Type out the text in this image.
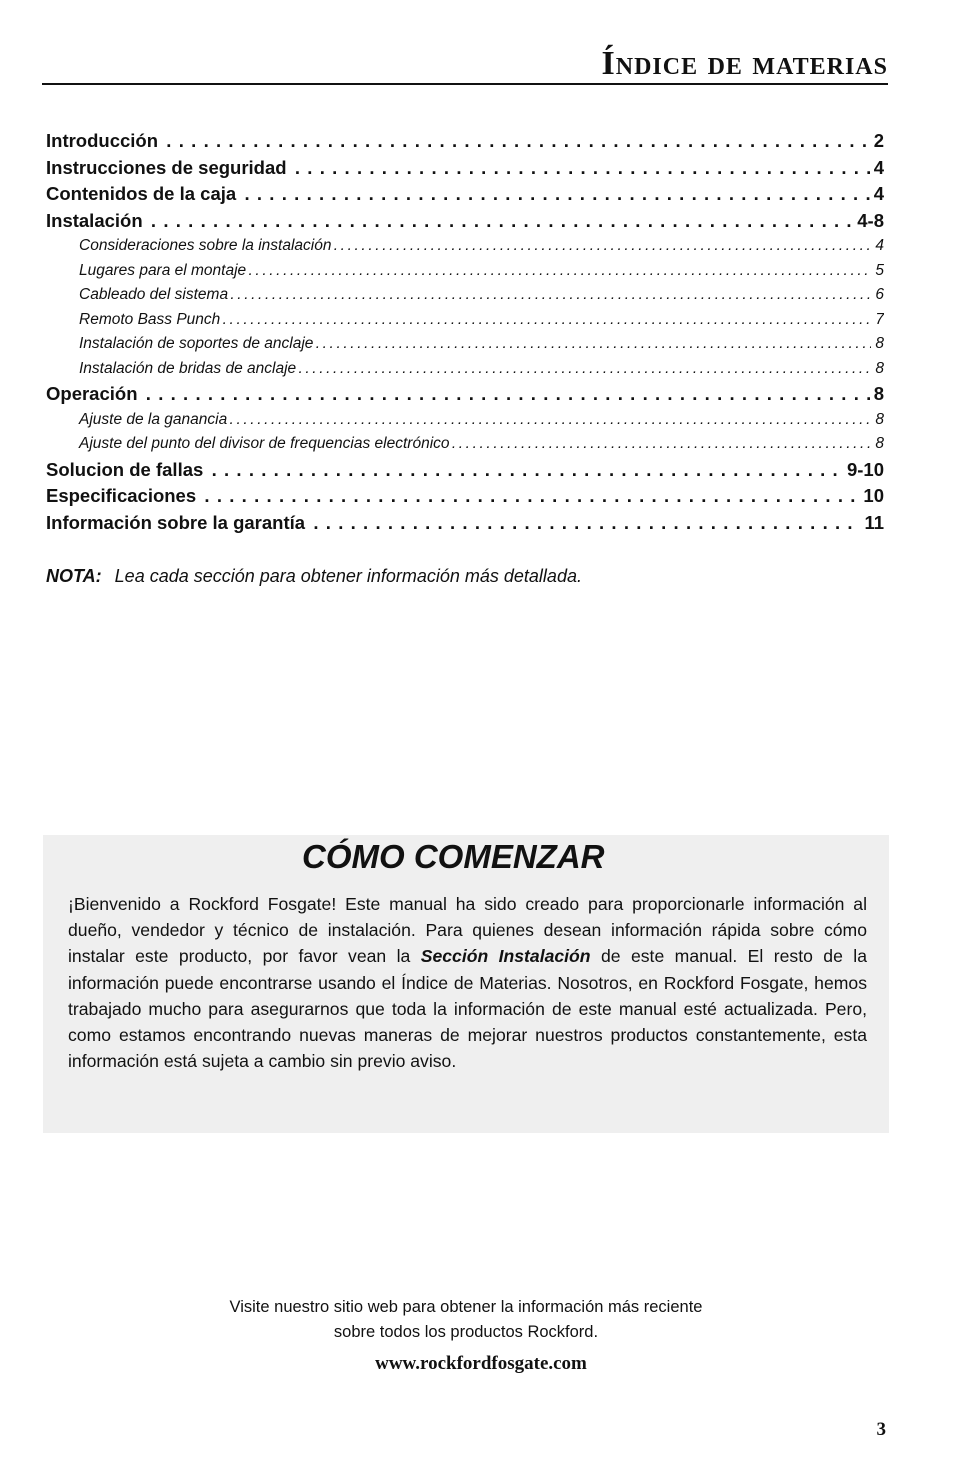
Índice de materias
Introducción . .	2
Instrucciones de seguridad . .	4
Contenidos de la caja . .	4
Instalación . .	4-8
Consideraciones sobre la instalación . .	4
Lugares para el montaje . .	5
Cableado del sistema . .	6
Remoto Bass Punch . .	7
Instalación de soportes de anclaje . .	8
Instalación de bridas de anclaje . .	8
Operación . .	8
Ajuste de la ganancia . .	8
Ajuste del punto del divisor de frequencias electrónico . .	8
Solucion de fallas . .	9-10
Especificaciones . .	10
Información sobre la garantía . .	11
NOTA: Lea cada sección para obtener información más detallada.
CÓMO COMENZAR

¡Bienvenido a Rockford Fosgate! Este manual ha sido creado para proporcionarle información al dueño, vendedor y técnico de instalación. Para quienes desean información rápida sobre cómo instalar este producto, por favor vean la Sección Instalación de este manual. El resto de la información puede encontrarse usando el Índice de Materias. Nosotros, en Rockford Fosgate, hemos trabajado mucho para asegurarnos que toda la información de este manual esté actualizada. Pero, como estamos encontrando nuevas maneras de mejorar nuestros productos constantemente, esta información está sujeta a cambio sin previo aviso.

Visite nuestro sitio web para obtener la información más reciente
sobre todos los productos Rockford.
www.rockfordfosgate.com
3
